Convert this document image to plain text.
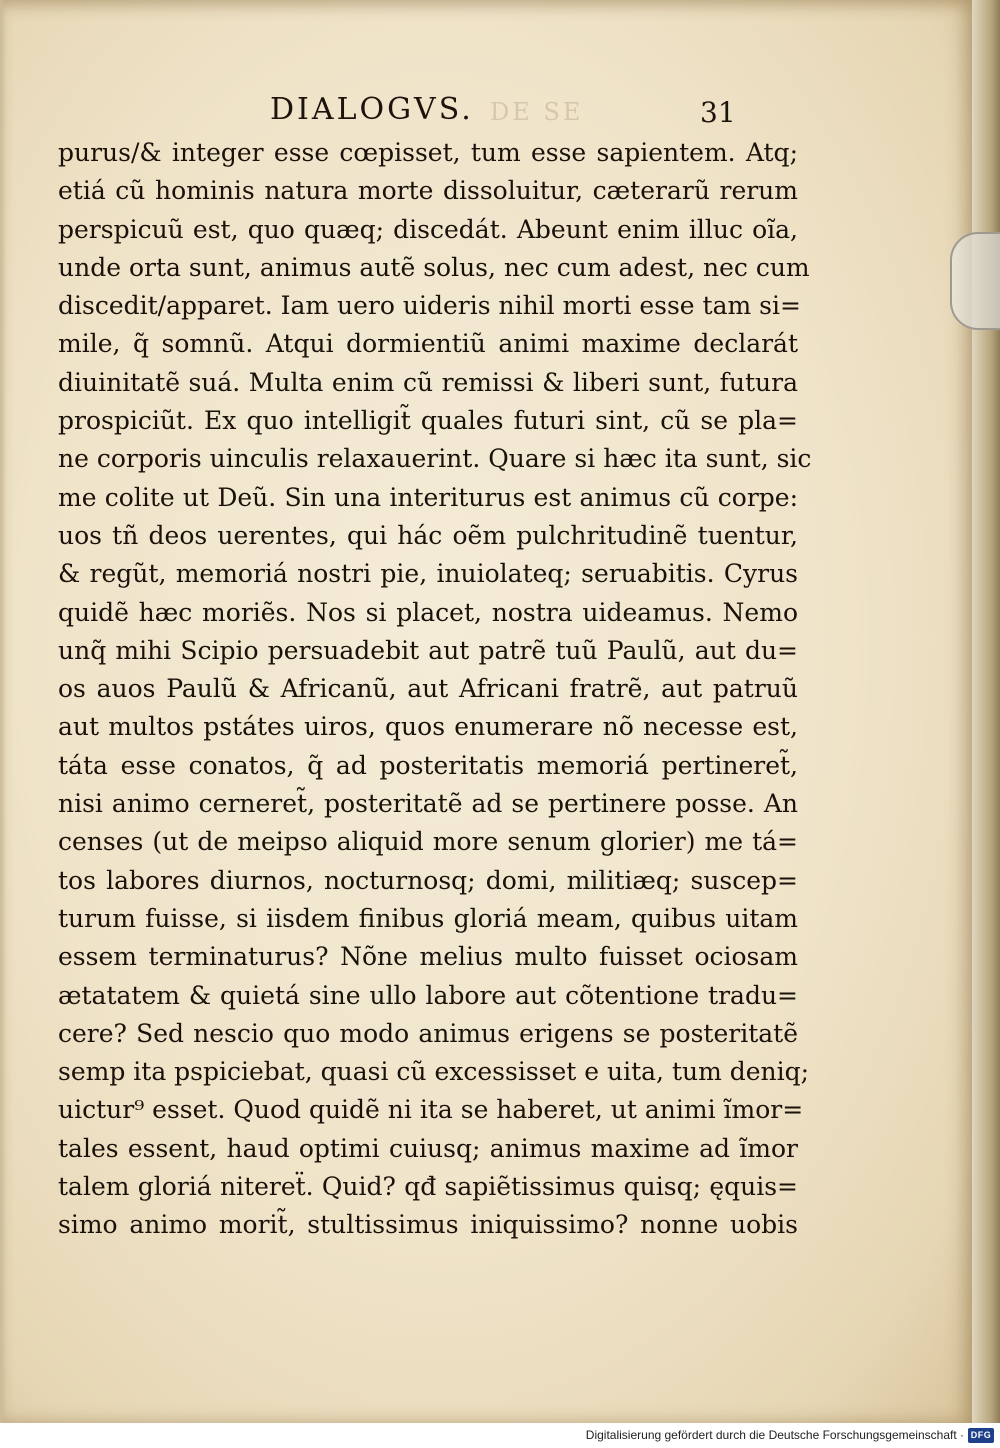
DE SE
DIALOGVS.	31
purus/& integer esse cœpisset, tum esse sapientem. Atq;
etiá cũ hominis natura morte dissoluitur, cæterarũ rerum
perspicuũ est, quo quæq; discedát. Abeunt enim illuc oĩa,
unde orta sunt, animus autẽ solus, nec cum adest, nec cum
discedit/apparet. Iam uero uideris nihil morti esse tam si=
mile, q̃ somnũ. Atqui dormientiũ animi maxime declarát
diuinitatẽ suá. Multa enim cũ remissi & liberi sunt, futura
prospiciũt. Ex quo intelligit̃ quales futuri sint, cũ se pla=
ne corporis uinculis relaxauerint. Quare si hæc ita sunt, sic
me colite ut Deũ. Sin una interiturus est animus cũ corpe:
uos tñ deos uerentes, qui hác oẽm pulchritudinẽ tuentur,
& regũt, memoriá nostri pie, inuiolateq; seruabitis. Cyrus
quidẽ hæc moriẽs. Nos si placet, nostra uideamus. Nemo
unq̃ mihi Scipio persuadebit aut patrẽ tuũ Paulũ, aut du=
os auos Paulũ & Africanũ, aut Africani fratrẽ, aut patruũ
aut multos pstátes uiros, quos enumerare nõ necesse est,
táta esse conatos, q̃ ad posteritatis memoriá pertineret̃,
nisi animo cerneret̃, posteritatẽ ad se pertinere posse. An
censes (ut de meipso aliquid more senum glorier) me tá=
tos labores diurnos, nocturnosq; domi, militiæq; suscep=
turum fuisse, si iisdem finibus gloriá meam, quibus uitam
essem terminaturus? Nõne melius multo fuisset ociosam
ætatatem & quietá sine ullo labore aut cõtentione tradu=
cere? Sed nescio quo modo animus erigens se posteritatẽ
semp ita pspiciebat, quasi cũ excessisset e uita, tum deniq;
uictur⁹ esset. Quod quidẽ ni ita se haberet, ut animi ĩmor=
tales essent, haud optimi cuiusq; animus maxime ad ĩmor
talem gloriá nitereẗ. Quid? qđ sapiẽtissimus quisq; ęquis=
simo animo morit̃, stultissimus iniquissimo? nonne uobis
Digitalisierung gefördert durch die Deutsche Forschungsgemeinschaft · DFG
